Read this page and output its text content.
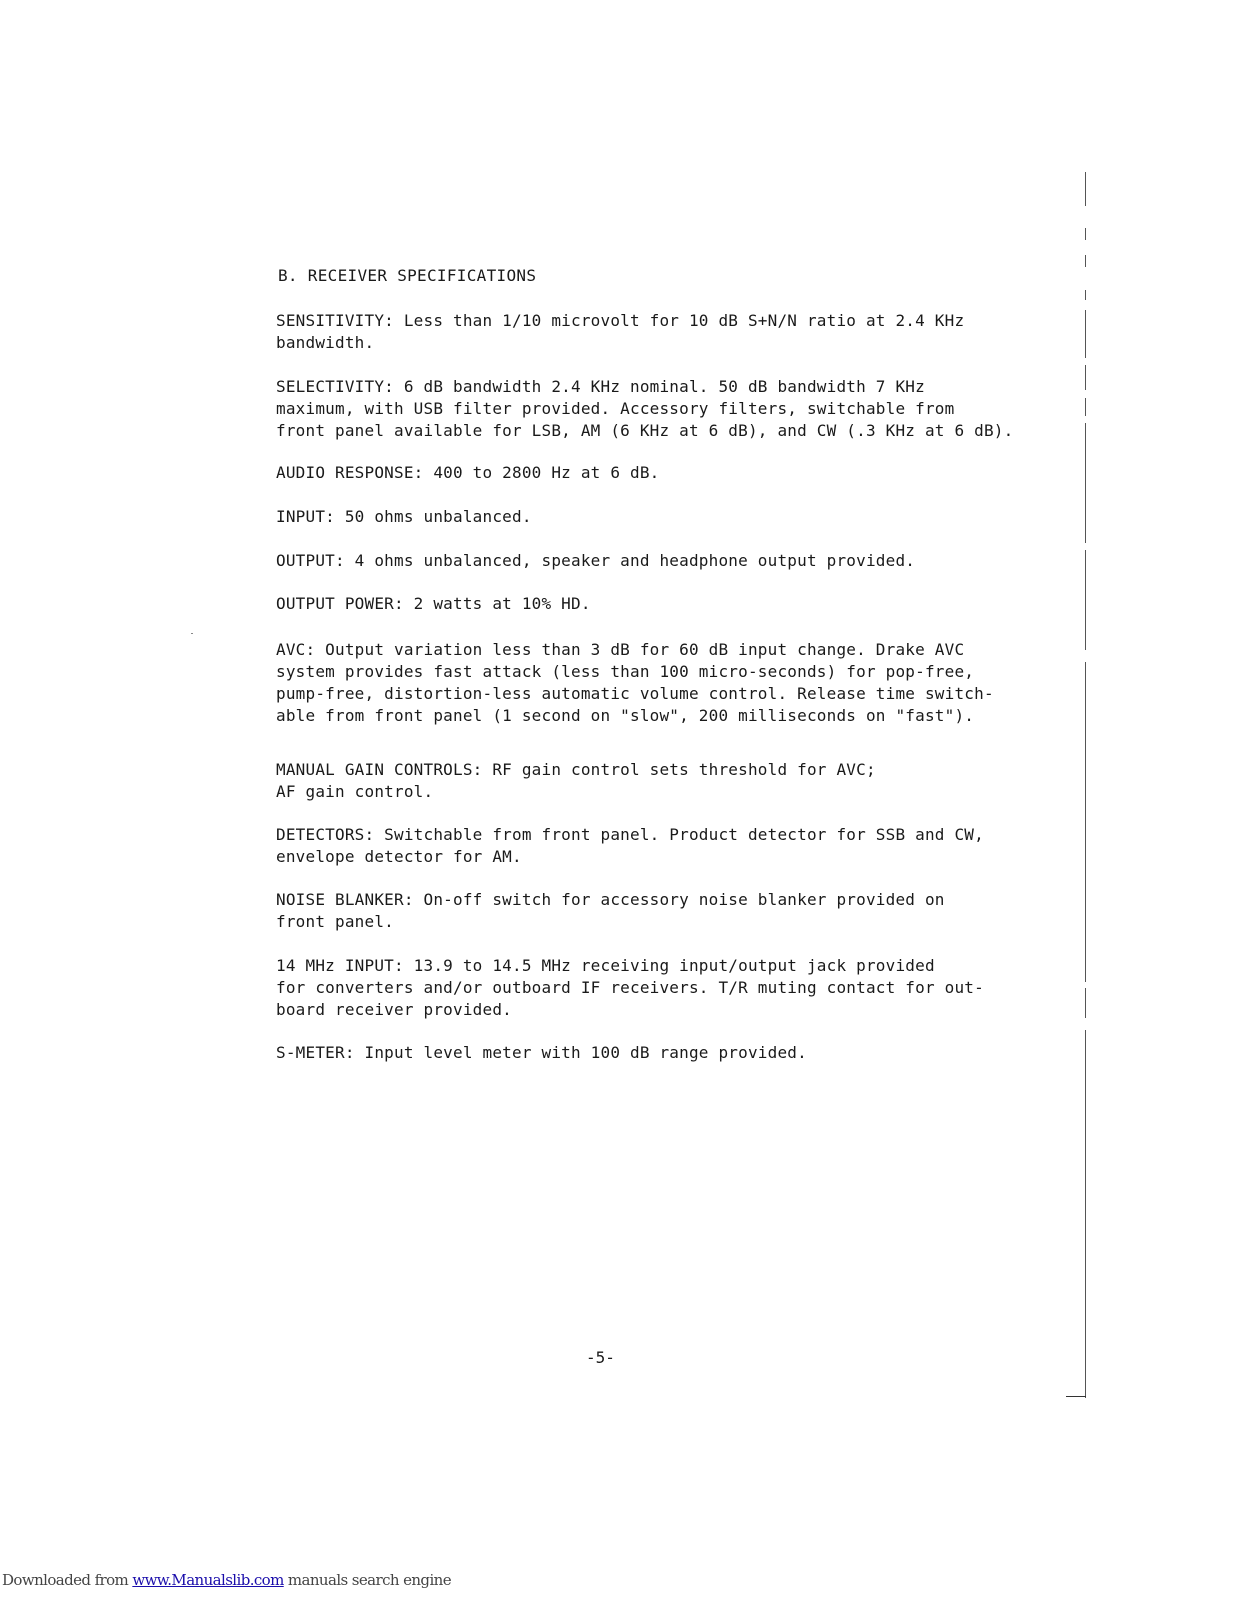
B. RECEIVER SPECIFICATIONS
SENSITIVITY: Less than 1/10 microvolt for 10 dB S+N/N ratio at 2.4 KHz
bandwidth.
SELECTIVITY: 6 dB bandwidth 2.4 KHz nominal. 50 dB bandwidth 7 KHz
maximum, with USB filter provided. Accessory filters, switchable from
front panel available for LSB, AM (6 KHz at 6 dB), and CW (.3 KHz at 6 dB).
AUDIO RESPONSE: 400 to 2800 Hz at 6 dB.
INPUT: 50 ohms unbalanced.
OUTPUT: 4 ohms unbalanced, speaker and headphone output provided.
OUTPUT POWER: 2 watts at 10% HD.
AVC: Output variation less than 3 dB for 60 dB input change. Drake AVC
system provides fast attack (less than 100 micro-seconds) for pop-free,
pump-free, distortion-less automatic volume control. Release time switch-
able from front panel (1 second on "slow", 200 milliseconds on "fast").
MANUAL GAIN CONTROLS: RF gain control sets threshold for AVC;
AF gain control.
DETECTORS: Switchable from front panel. Product detector for SSB and CW,
envelope detector for AM.
NOISE BLANKER: On-off switch for accessory noise blanker provided on
front panel.
14 MHz INPUT: 13.9 to 14.5 MHz receiving input/output jack provided
for converters and/or outboard IF receivers. T/R muting contact for out-
board receiver provided.
S-METER: Input level meter with 100 dB range provided.
-5-
Downloaded from www.Manualslib.com manuals search engine
